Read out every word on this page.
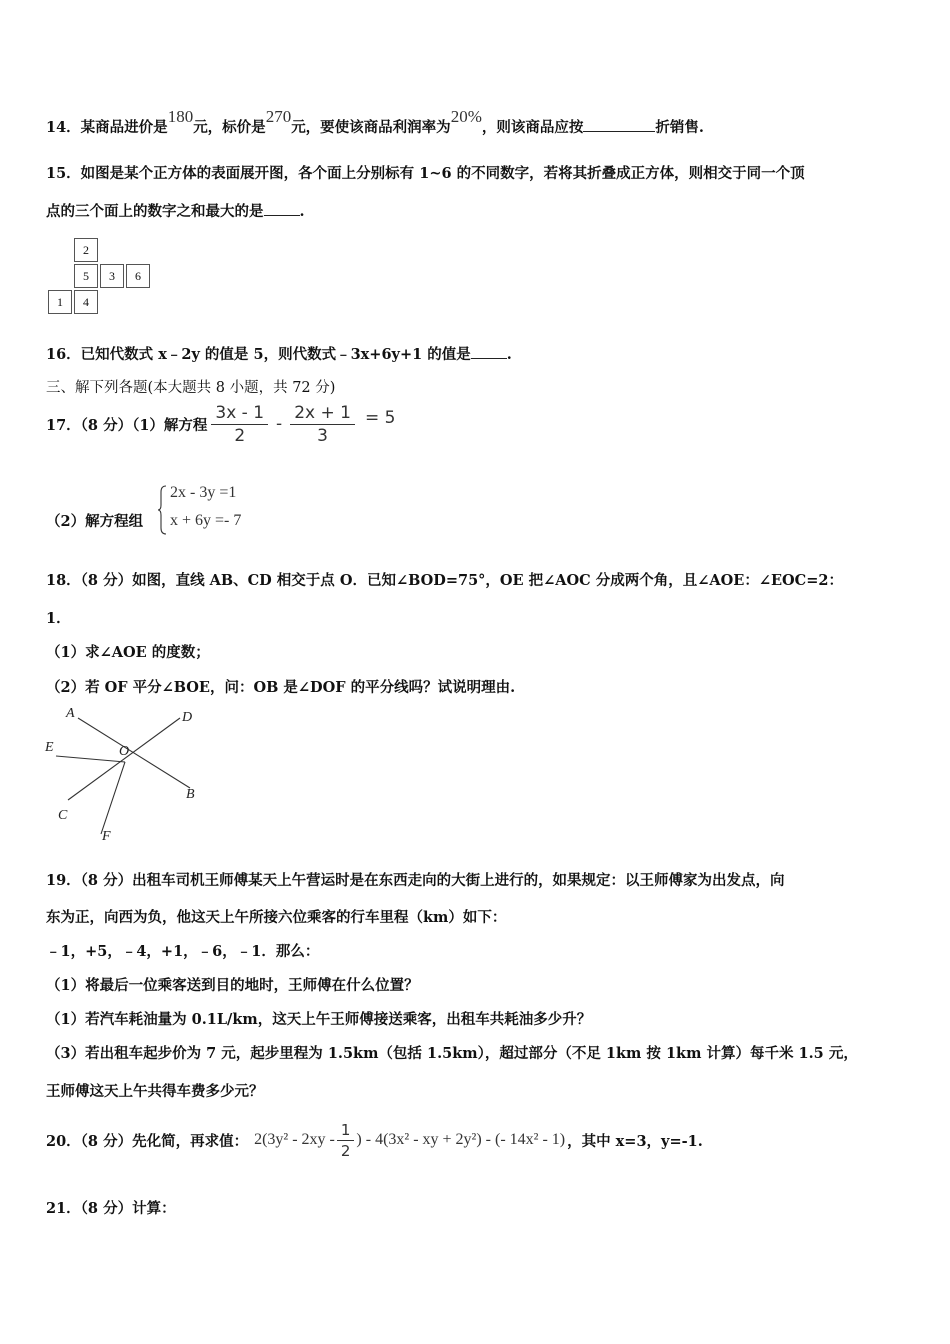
14．某商品进价是180元，标价是270元，要使该商品利润率为20%，则该商品应按	折销售.
15．如图是某个正方体的表面展开图，各个面上分别标有 1~6 的不同数字，若将其折叠成正方体，则相交于同一个顶
点的三个面上的数字之和最大的是 .
2
5	3	6
1	4
16．已知代数式 x﹣2y 的值是 5，则代数式﹣3x+6y+1 的值是 .
三、解下列各题(本大题共 8 小题，共 72 分)
17．（8 分）（1）解方程 $\frac{3x - 1}{2} - \frac{2x + 1}{3} = 5$
（2）解方程组
2x - 3y =1
x + 6y =- 7
18．（8 分）如图，直线 AB、CD 相交于点 O．已知∠BOD=75°，OE 把∠AOC 分成两个角，且∠AOE：∠EOC=2：
1．
（1）求∠AOE 的度数；
（2）若 OF 平分∠BOE，问：OB 是∠DOF 的平分线吗？试说明理由.
A	D
E	O
B
C
F
19．（8 分）出租车司机王师傅某天上午营运时是在东西走向的大街上进行的，如果规定：以王师傅家为出发点，向
东为正，向西为负，他这天上午所接六位乘客的行车里程（km）如下：
﹣1，+5，﹣4，+1，﹣6，﹣1．那么：
（1）将最后一位乘客送到目的地时，王师傅在什么位置？
（1）若汽车耗油量为 0.1L/km，这天上午王师傅接送乘客，出租车共耗油多少升？
（3）若出租车起步价为 7 元，起步里程为 1.5km（包括 1.5km），超过部分（不足 1km 按 1km 计算）每千米 1.5 元，
王师傅这天上午共得车费多少元？
20．（8 分）先化简，再求值： $2(3y^2 - 2xy - \frac{1}{2}$ ) - 4(3x² - xy + 2y²) - (- 14x² - 1) ，其中 x=3，y=-1.
21．（8 分）计算：
